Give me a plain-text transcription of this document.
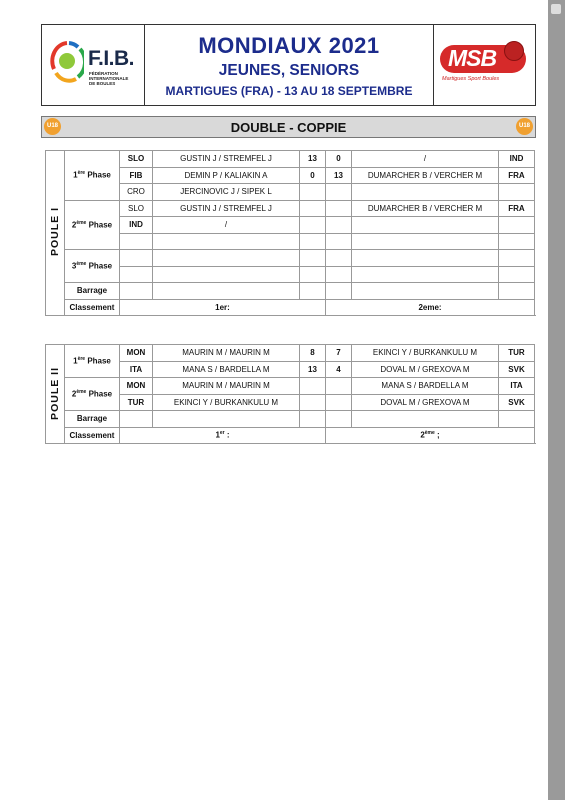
F.I.B.
FÉDÉRATION
INTERNATIONALE
DE BOULES
MONDIAUX 2021
JEUNES, SENIORS
MARTIGUES (FRA) - 13 AU 18 SEPTEMBRE
MSB
Martigues Sport Boules
U18	DOUBLE - COPPIE	U18
POULE I	1ère Phase	SLO	GUSTIN J / STREMFEL J	13	0	/	IND
		FIB	DEMIN P / KALIAKIN A	0	13	DUMARCHER B / VERCHER M	FRA
		CRO	JERCINOVIC J / SIPEK L				
	2ème Phase	SLO	GUSTIN J / STREMFEL J			DUMARCHER B / VERCHER M	FRA
		IND	/				

	3ème Phase						

	Barrage						
	Classement	1er:			2eme:		
POULE II	1ère Phase	MON	MAURIN M / MAURIN M	8	7	EKINCI Y / BURKANKULU M	TUR
		ITA	MANA S / BARDELLA M	13	4	DOVAL M / GREXOVA M	SVK
	2ème Phase	MON	MAURIN M / MAURIN M			MANA S / BARDELLA M	ITA
		TUR	EKINCI Y / BURKANKULU M			DOVAL M / GREXOVA M	SVK
	Barrage						
	Classement	1er :			2ème ;		
